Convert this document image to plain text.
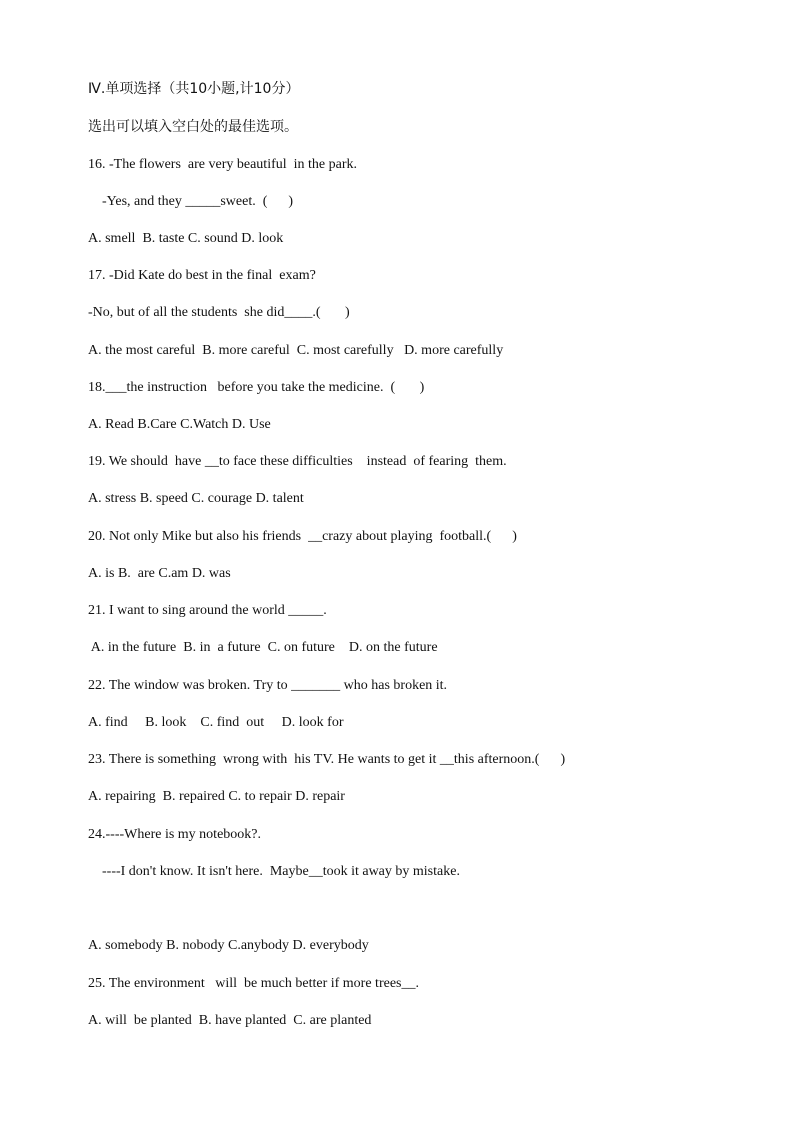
Ⅳ.单项选择（共10小题,计10分）
选出可以填入空白处的最佳选项。
16. -The flowers  are very beautiful  in the park.
-Yes, and they _____sweet.  (      )
A. smell  B. taste C. sound D. look
17. -Did Kate do best in the final  exam?
-No, but of all the students  she did____.(       )
A. the most careful  B. more careful  C. most carefully   D. more carefully
18.___the instruction   before you take the medicine.  (       )
A. Read B.Care C.Watch D. Use
19. We should  have __to face these difficulties    instead  of fearing  them.
A. stress B. speed C. courage D. talent
20. Not only Mike but also his friends  __crazy about playing  football.(      )
A. is B.  are C.am D. was
21. I want to sing around the world _____.
A. in the future  B. in  a future  C. on future    D. on the future
22. The window was broken. Try to _______ who has broken it.
A. find     B. look    C. find  out     D. look for
23. There is something  wrong with  his TV. He wants to get it __this afternoon.(      )
A. repairing  B. repaired C. to repair D. repair
24.----Where is my notebook?.
----I don't know. It isn't here.  Maybe__took it away by mistake.
A. somebody B. nobody C.anybody D. everybody
25. The environment   will  be much better if more trees__.
A. will  be planted  B. have planted  C. are planted
